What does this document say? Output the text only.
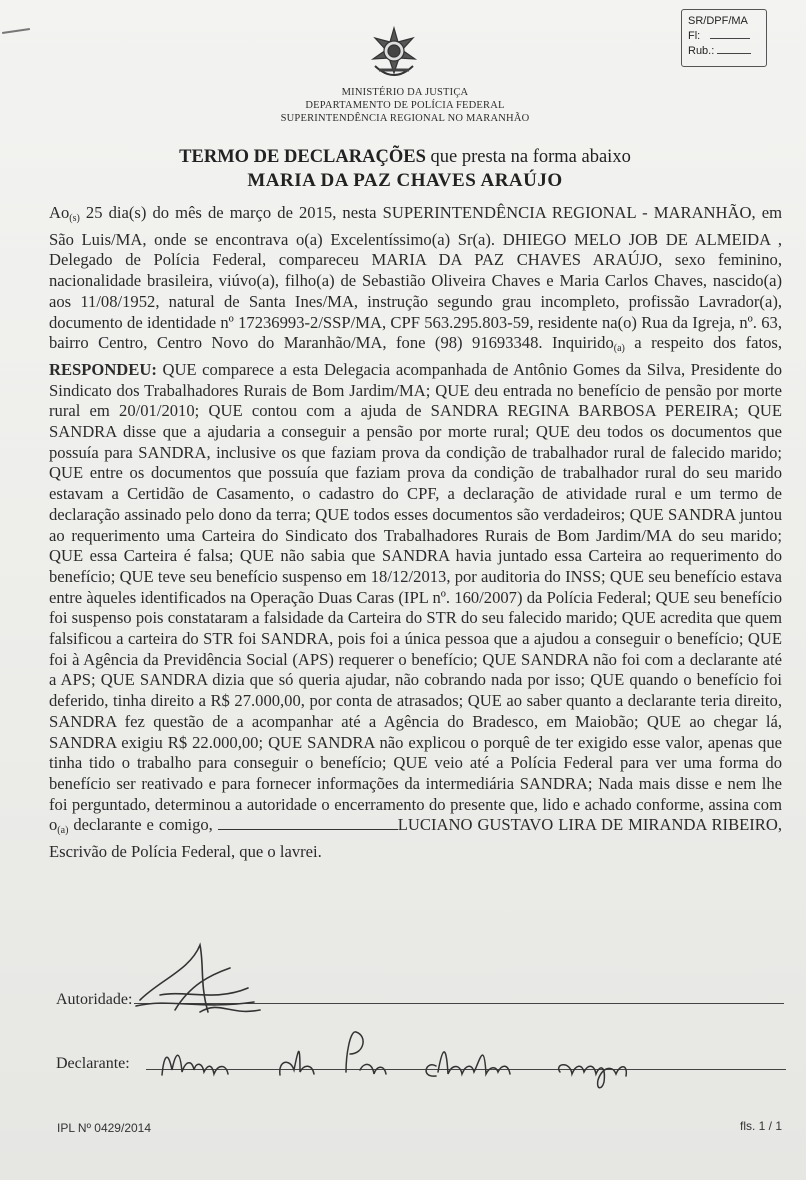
SR/DPF/MA
Fl:
Rub.:
MINISTÉRIO DA JUSTIÇA
DEPARTAMENTO DE POLÍCIA FEDERAL
SUPERINTENDÊNCIA REGIONAL NO MARANHÃO
TERMO DE DECLARAÇÕES que presta na forma abaixo
MARIA DA PAZ CHAVES ARAÚJO
$Ao_{(s)}$ 25 dia(s) do mês de março de 2015, nesta SUPERINTENDÊNCIA REGIONAL - MARANHÃO, em São Luis/MA, onde se encontrava o(a) Excelentíssimo(a) Sr(a). DHIEGO MELO JOB DE ALMEIDA , Delegado de Polícia Federal, compareceu MARIA DA PAZ CHAVES ARAÚJO, sexo feminino, nacionalidade brasileira, viúvo(a), filho(a) de Sebastião Oliveira Chaves e Maria Carlos Chaves, nascido(a) aos 11/08/1952, natural de Santa Ines/MA, instrução segundo grau incompleto, profissão Lavrador(a), documento de identidade nº 17236993-2/SSP/MA, CPF 563.295.803-59, residente na(o) Rua da Igreja, nº. 63, bairro Centro, Centro Novo do Maranhão/MA, fone (98) 91693348. Inquirido$_{(a)}$ a respeito dos fatos, RESPONDEU: QUE comparece a esta Delegacia acompanhada de Antônio Gomes da Silva, Presidente do Sindicato dos Trabalhadores Rurais de Bom Jardim/MA; QUE deu entrada no benefício de pensão por morte rural em 20/01/2010; QUE contou com a ajuda de SANDRA REGINA BARBOSA PEREIRA; QUE SANDRA disse que a ajudaria a conseguir a pensão por morte rural; QUE deu todos os documentos que possuía para SANDRA, inclusive os que faziam prova da condição de trabalhador rural de falecido marido; QUE entre os documentos que possuía que faziam prova da condição de trabalhador rural do seu marido estavam a Certidão de Casamento, o cadastro do CPF, a declaração de atividade rural e um termo de declaração assinado pelo dono da terra; QUE todos esses documentos são verdadeiros; QUE SANDRA juntou ao requerimento uma Carteira do Sindicato dos Trabalhadores Rurais de Bom Jardim/MA do seu marido; QUE essa Carteira é falsa; QUE não sabia que SANDRA havia juntado essa Carteira ao requerimento do benefício; QUE teve seu benefício suspenso em 18/12/2013, por auditoria do INSS; QUE seu benefício estava entre àqueles identificados na Operação Duas Caras (IPL nº. 160/2007) da Polícia Federal; QUE seu benefício foi suspenso pois constataram a falsidade da Carteira do STR do seu falecido marido; QUE acredita que quem falsificou a carteira do STR foi SANDRA, pois foi a única pessoa que a ajudou a conseguir o benefício; QUE foi à Agência da Previdência Social (APS) requerer o benefício; QUE SANDRA não foi com a declarante até a APS; QUE SANDRA dizia que só queria ajudar, não cobrando nada por isso; QUE quando o benefício foi deferido, tinha direito a R$ 27.000,00, por conta de atrasados; QUE ao saber quanto a declarante teria direito, SANDRA fez questão de a acompanhar até a Agência do Bradesco, em Maiobão; QUE ao chegar lá, SANDRA exigiu R$ 22.000,00; QUE SANDRA não explicou o porquê de ter exigido esse valor, apenas que tinha tido o trabalho para conseguir o benefício; QUE veio até a Polícia Federal para ver uma forma do benefício ser reativado e para fornecer informações da intermediária SANDRA; Nada mais disse e nem lhe foi perguntado, determinou a autoridade o encerramento do presente que, lido e achado conforme, assina com $o_{(a)}$ declarante e comigo,	LUCIANO GUSTAVO LIRA DE MIRANDA RIBEIRO, Escrivão de Polícia Federal, que o lavrei.
Autoridade:
Declarante:
IPL Nº 0429/2014	fls. 1 / 1
